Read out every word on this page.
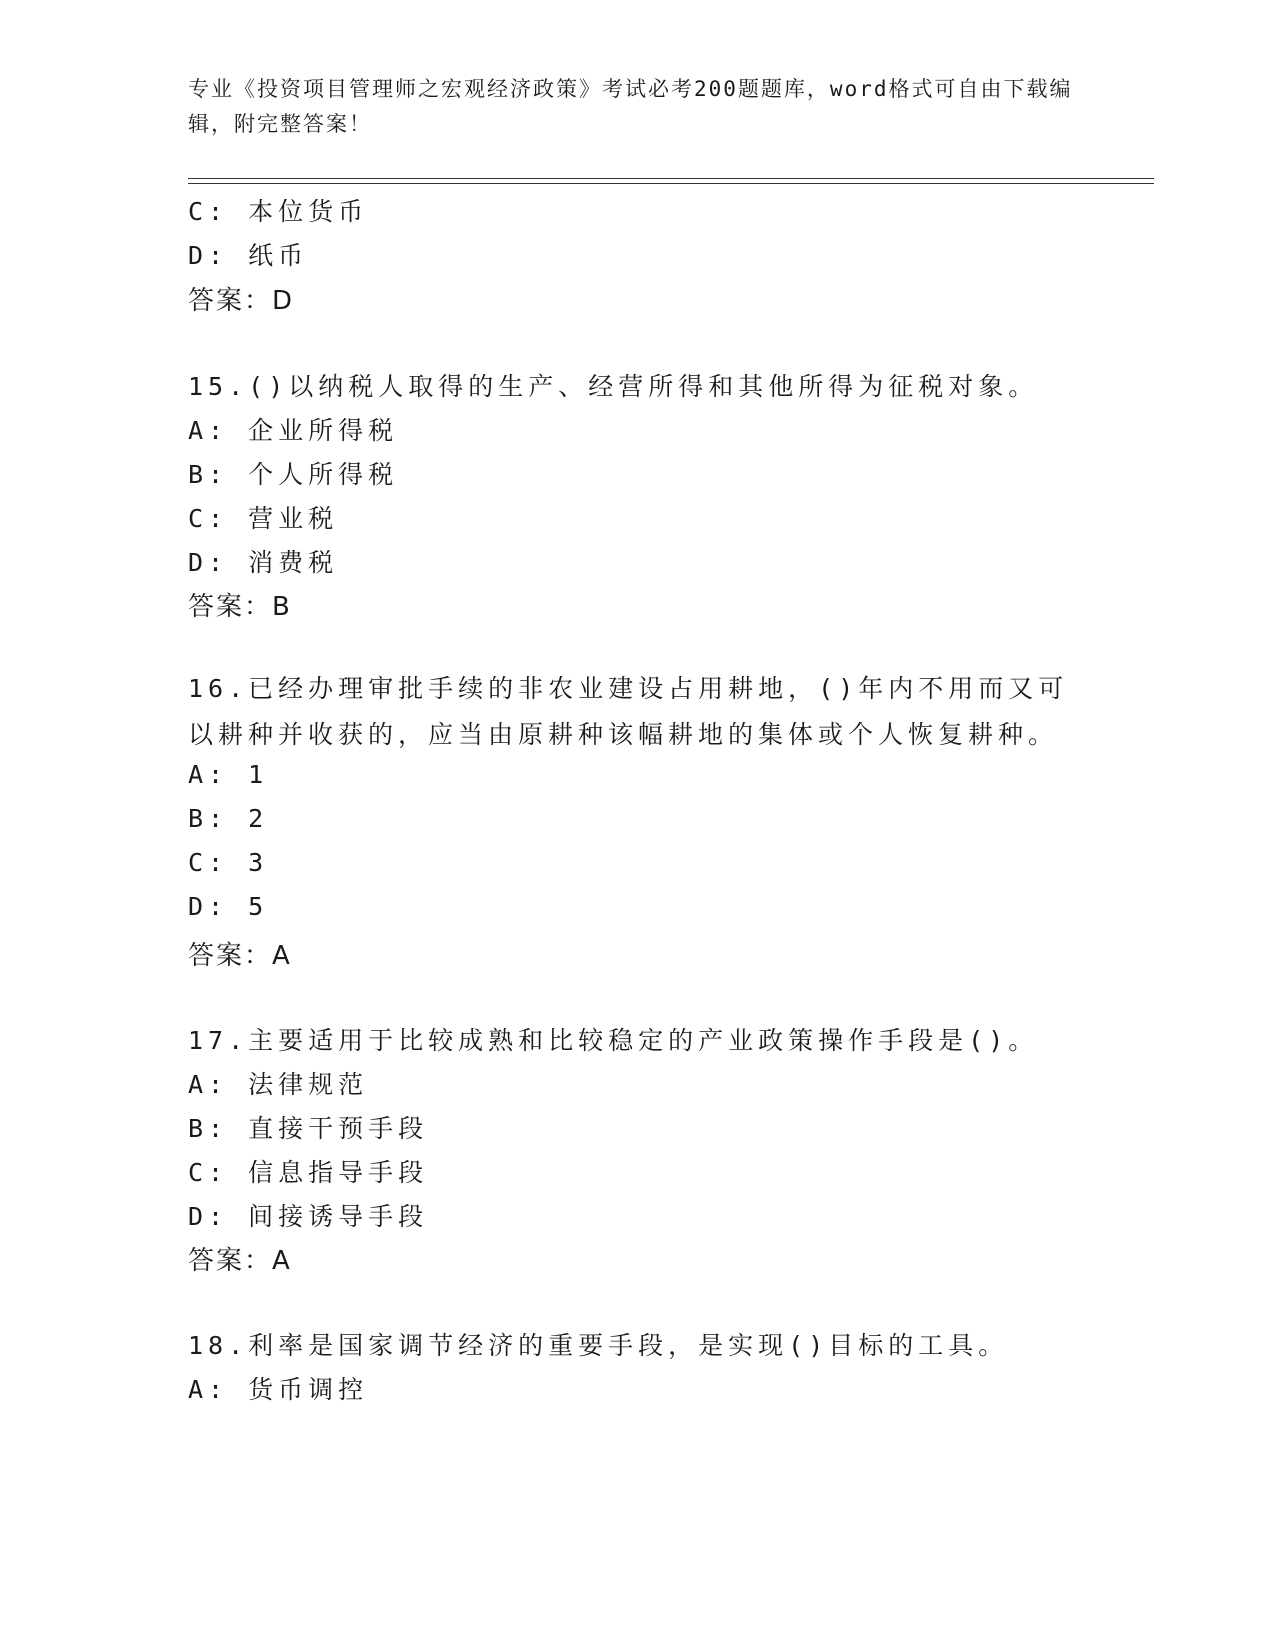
专业《投资项目管理师之宏观经济政策》考试必考200题题库，word格式可自由下载编辑，附完整答案！
C: 本位货币
D: 纸币
答案：D
15.()以纳税人取得的生产、经营所得和其他所得为征税对象。
A: 企业所得税
B: 个人所得税
C: 营业税
D: 消费税
答案：B
16.已经办理审批手续的非农业建设占用耕地，()年内不用而又可以耕种并收获的，应当由原耕种该幅耕地的集体或个人恢复耕种。
A: 1
B: 2
C: 3
D: 5
答案：A
17.主要适用于比较成熟和比较稳定的产业政策操作手段是()。
A: 法律规范
B: 直接干预手段
C: 信息指导手段
D: 间接诱导手段
答案：A
18.利率是国家调节经济的重要手段，是实现()目标的工具。
A: 货币调控
